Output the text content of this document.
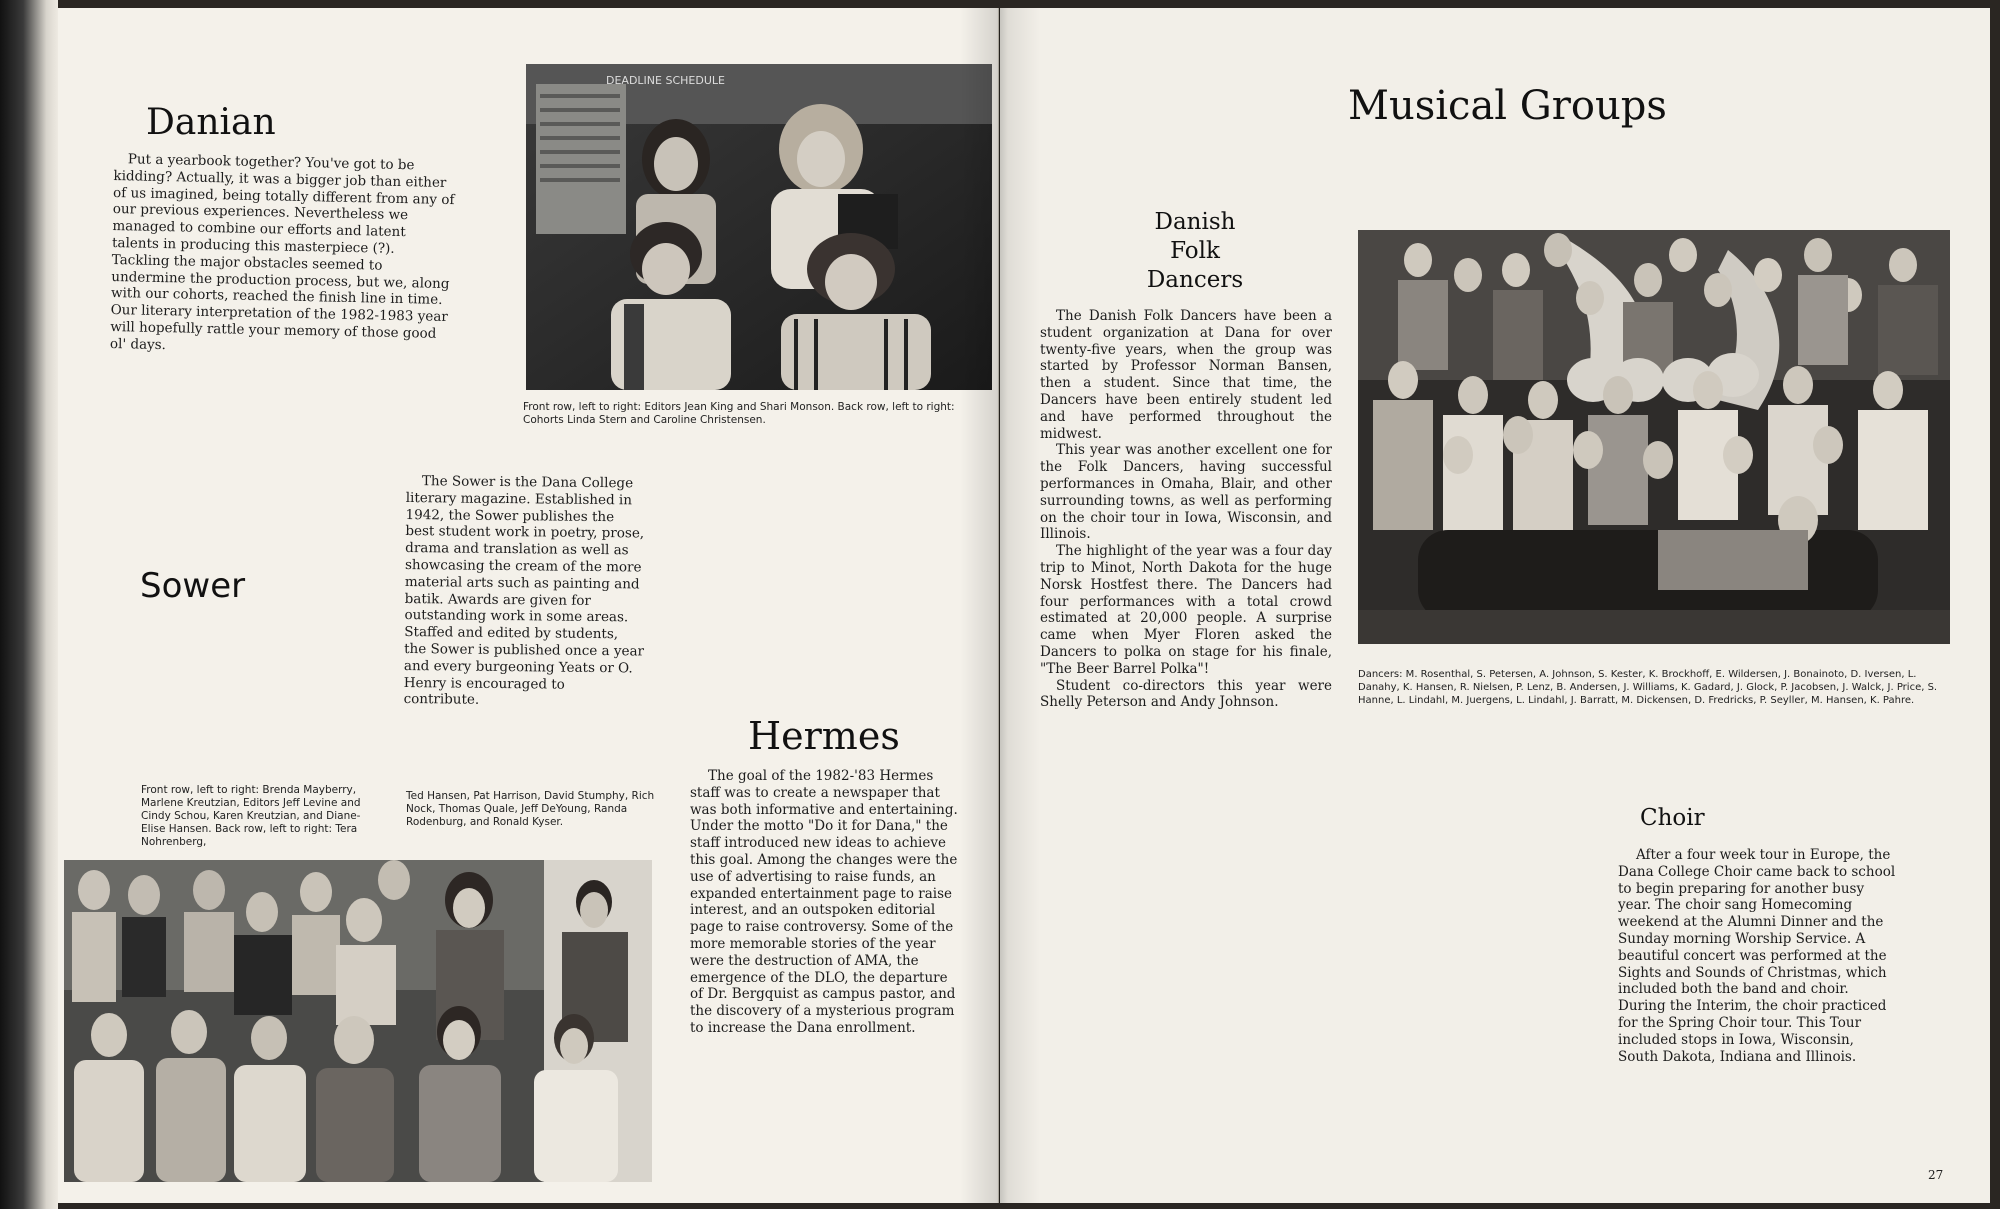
Danian

Put a yearbook together? You've got to be kidding? Actually, it was a bigger job than either of us imagined, being totally different from any of our previous experiences. Nevertheless we managed to combine our efforts and latent talents in producing this masterpiece (?). Tackling the major obstacles seemed to undermine the production process, but we, along with our cohorts, reached the finish line in time. Our literary interpretation of the 1982-1983 year will hopefully rattle your memory of those good ol' days.

DEADLINE SCHEDULE

Front row, left to right: Editors Jean King and Shari Monson. Back row, left to right: Cohorts Linda Stern and Caroline Christensen.

Sower

The Sower is the Dana College literary magazine. Established in 1942, the Sower publishes the best student work in poetry, prose, drama and translation as well as showcasing the cream of the more material arts such as painting and batik. Awards are given for outstanding work in some areas. Staffed and edited by students, the Sower is published once a year and every burgeoning Yeats or O. Henry is encouraged to contribute.

Hermes

The goal of the 1982-'83 Hermes staff was to create a newspaper that was both informative and entertaining. Under the motto "Do it for Dana," the staff introduced new ideas to achieve this goal. Among the changes were the use of advertising to raise funds, an expanded entertainment page to raise interest, and an outspoken editorial page to raise controversy. Some of the more memorable stories of the year were the destruction of AMA, the emergence of the DLO, the departure of Dr. Bergquist as campus pastor, and the discovery of a mysterious program to increase the Dana enrollment.

Front row, left to right: Brenda Mayberry, Marlene Kreutzian, Editors Jeff Levine and Cindy Schou, Karen Kreutzian, and Diane-Elise Hansen. Back row, left to right: Tera Nohrenberg,

Ted Hansen, Pat Harrison, David Stumphy, Rich Nock, Thomas Quale, Jeff DeYoung, Randa Rodenburg, and Ronald Kyser.

Musical Groups
Danish
Folk
Dancers

The Danish Folk Dancers have been a student organization at Dana for over twenty-five years, when the group was started by Professor Norman Bansen, then a student. Since that time, the Dancers have been entirely student led and have performed throughout the midwest.

This year was another excellent one for the Folk Dancers, having successful performances in Omaha, Blair, and other surrounding towns, as well as performing on the choir tour in Iowa, Wisconsin, and Illinois.

The highlight of the year was a four day trip to Minot, North Dakota for the huge Norsk Hostfest there. The Dancers had four performances with a total crowd estimated at 20,000 people. A surprise came when Myer Floren asked the Dancers to polka on stage for his finale, "The Beer Barrel Polka"!

Student co-directors this year were Shelly Peterson and Andy Johnson.

Dancers: M. Rosenthal, S. Petersen, A. Johnson, S. Kester, K. Brockhoff, E. Wildersen, J. Bonainoto, D. Iversen, L. Danahy, K. Hansen, R. Nielsen, P. Lenz, B. Andersen, J. Williams, K. Gadard, J. Glock, P. Jacobsen, J. Walck, J. Price, S. Hanne, L. Lindahl, M. Juergens, L. Lindahl, J. Barratt, M. Dickensen, D. Fredricks, P. Seyller, M. Hansen, K. Pahre.

Choir

After a four week tour in Europe, the Dana College Choir came back to school to begin preparing for another busy year. The choir sang Homecoming weekend at the Alumni Dinner and the Sunday morning Worship Service. A beautiful concert was performed at the Sights and Sounds of Christmas, which included both the band and choir. During the Interim, the choir practiced for the Spring Choir tour. This Tour included stops in Iowa, Wisconsin, South Dakota, Indiana and Illinois.

27
